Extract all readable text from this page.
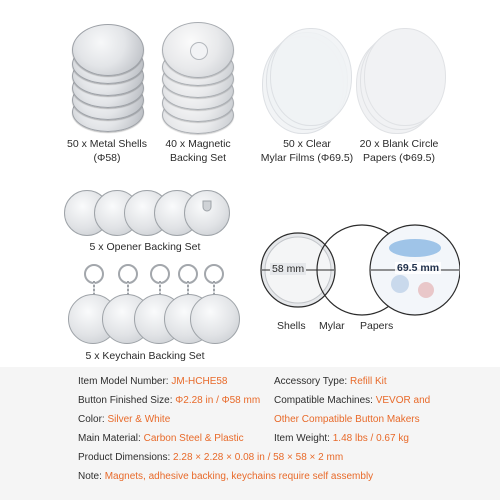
50 x Metal Shells
(Φ58)
40 x Magnetic
Backing Set
50 x Clear
Mylar Films (Φ69.5)
20 x Blank Circle
Papers (Φ69.5)
5 x Opener Backing Set
5 x Keychain Backing Set
58 mm	69.5 mm
Shells Mylar Papers
Item Model Number: JM-HCHE58
Button Finished Size: Φ2.28 in / Φ58 mm
Color: Silver & White
Main Material: Carbon Steel & Plastic
Product Dimensions: 2.28 × 2.28 × 0.08 in / 58 × 58 × 2 mm
Accessory Type: Refill Kit
Compatible Machines: VEVOR and
Other Compatible Button Makers
Item Weight: 1.48 lbs / 0.67 kg
Note: Magnets, adhesive backing, keychains require self assembly
